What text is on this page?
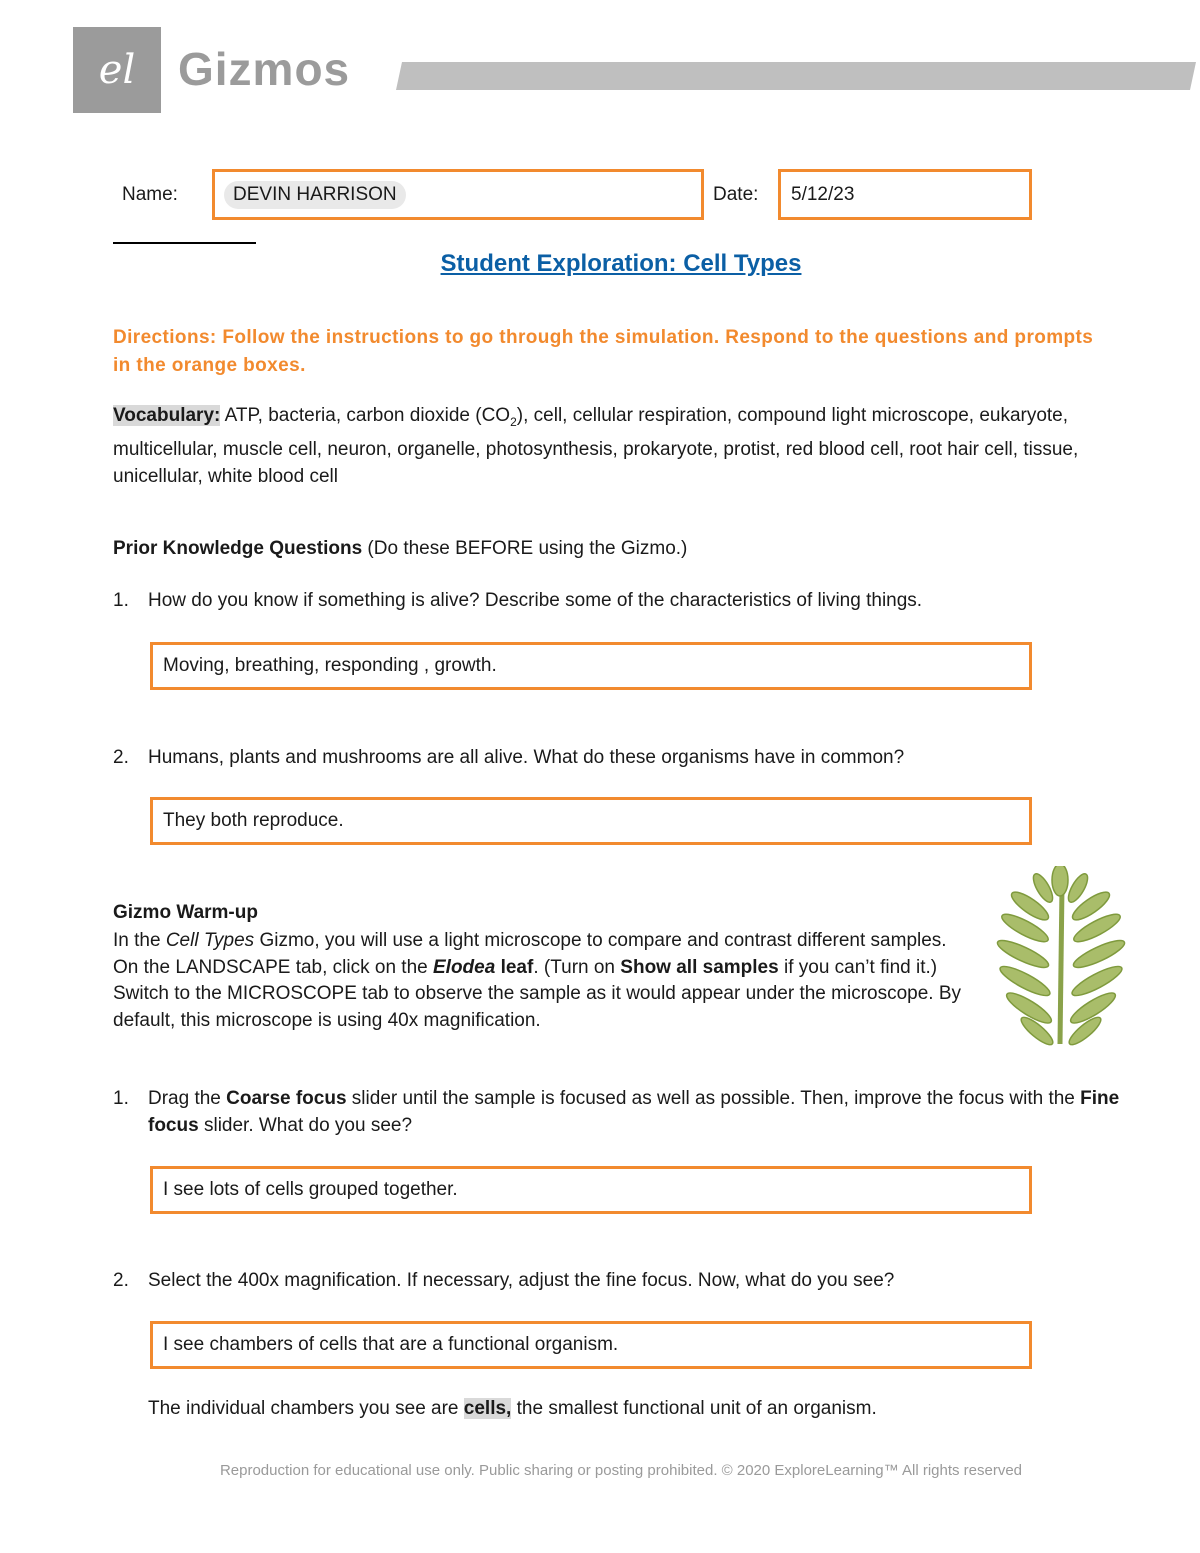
el Gizmos
Name:	DEVIN HARRISON	Date: 5/12/23
Student Exploration: Cell Types
Directions: Follow the instructions to go through the simulation. Respond to the questions and prompts in the orange boxes.
Vocabulary: ATP, bacteria, carbon dioxide $(CO_2)$, cell, cellular respiration, compound light microscope, eukaryote, multicellular, muscle cell, neuron, organelle, photosynthesis, prokaryote, protist, red blood cell, root hair cell, tissue, unicellular, white blood cell
Prior Knowledge Questions (Do these BEFORE using the Gizmo.)
1. How do you know if something is alive? Describe some of the characteristics of living things.
Moving, breathing, responding , growth.
2. Humans, plants and mushrooms are all alive. What do these organisms have in common?
They both reproduce.
Gizmo Warm-up
In the Cell Types Gizmo, you will use a light microscope to compare and contrast different samples. On the LANDSCAPE tab, click on the Elodea leaf. (Turn on Show all samples if you can’t find it.) Switch to the MICROSCOPE tab to observe the sample as it would appear under the microscope. By default, this microscope is using 40x magnification.
1.	Drag the Coarse focus slider until the sample is focused as well as possible. Then, improve the focus with the Fine focus slider. What do you see?
I see lots of cells grouped together.
2. Select the 400x magnification. If necessary, adjust the fine focus. Now, what do you see?
I see chambers of cells that are a functional organism.
The individual chambers you see are cells, the smallest functional unit of an organism.
Reproduction for educational use only. Public sharing or posting prohibited. © 2020 ExploreLearning™ All rights reserved
